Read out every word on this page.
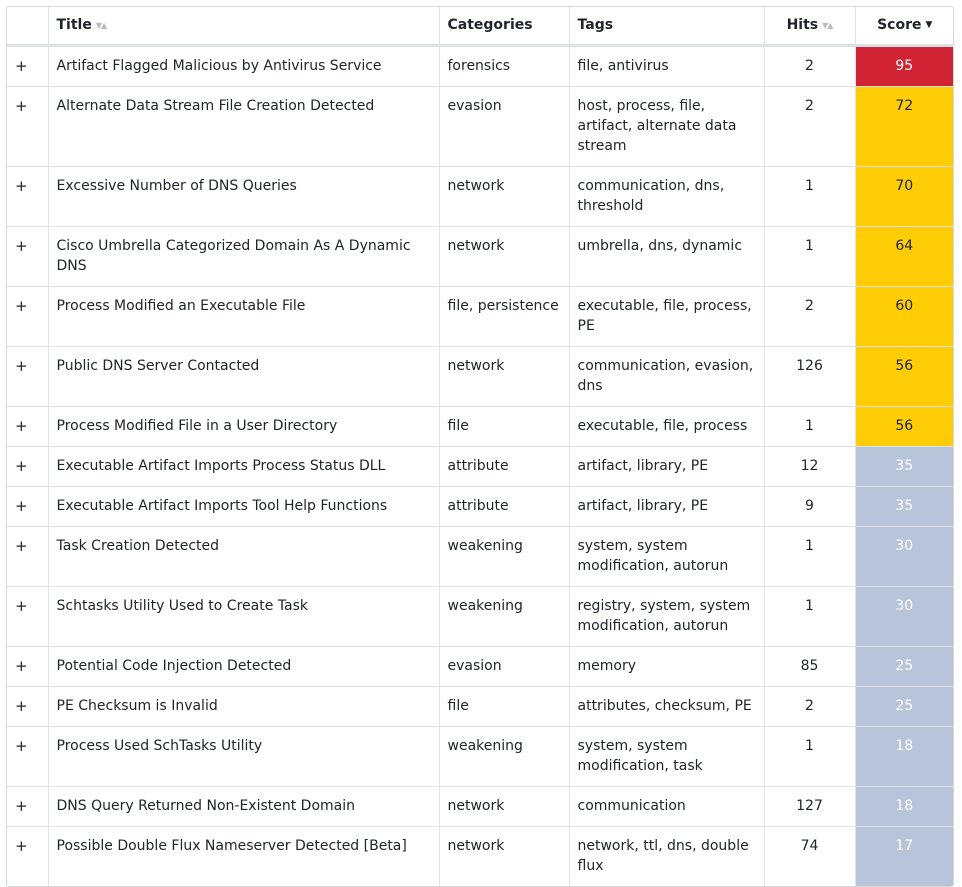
	Title ▼▲	Categories	Tags	Hits ▼▲	Score ▼
+	Artifact Flagged Malicious by Antivirus Service	forensics	file, antivirus	2	95
+	Alternate Data Stream File Creation Detected	evasion	host, process, file, artifact, alternate data stream	2	72
+	Excessive Number of DNS Queries	network	communication, dns, threshold	1	70
+	Cisco Umbrella Categorized Domain As A Dynamic DNS	network	umbrella, dns, dynamic	1	64
+	Process Modified an Executable File	file, persistence	executable, file, process, PE	2	60
+	Public DNS Server Contacted	network	communication, evasion, dns	126	56
+	Process Modified File in a User Directory	file	executable, file, process	1	56
+	Executable Artifact Imports Process Status DLL	attribute	artifact, library, PE	12	35
+	Executable Artifact Imports Tool Help Functions	attribute	artifact, library, PE	9	35
+	Task Creation Detected	weakening	system, system modification, autorun	1	30
+	Schtasks Utility Used to Create Task	weakening	registry, system, system modification, autorun	1	30
+	Potential Code Injection Detected	evasion	memory	85	25
+	PE Checksum is Invalid	file	attributes, checksum, PE	2	25
+	Process Used SchTasks Utility	weakening	system, system modification, task	1	18
+	DNS Query Returned Non-Existent Domain	network	communication	127	18
+	Possible Double Flux Nameserver Detected [Beta]	network	network, ttl, dns, double flux	74	17
